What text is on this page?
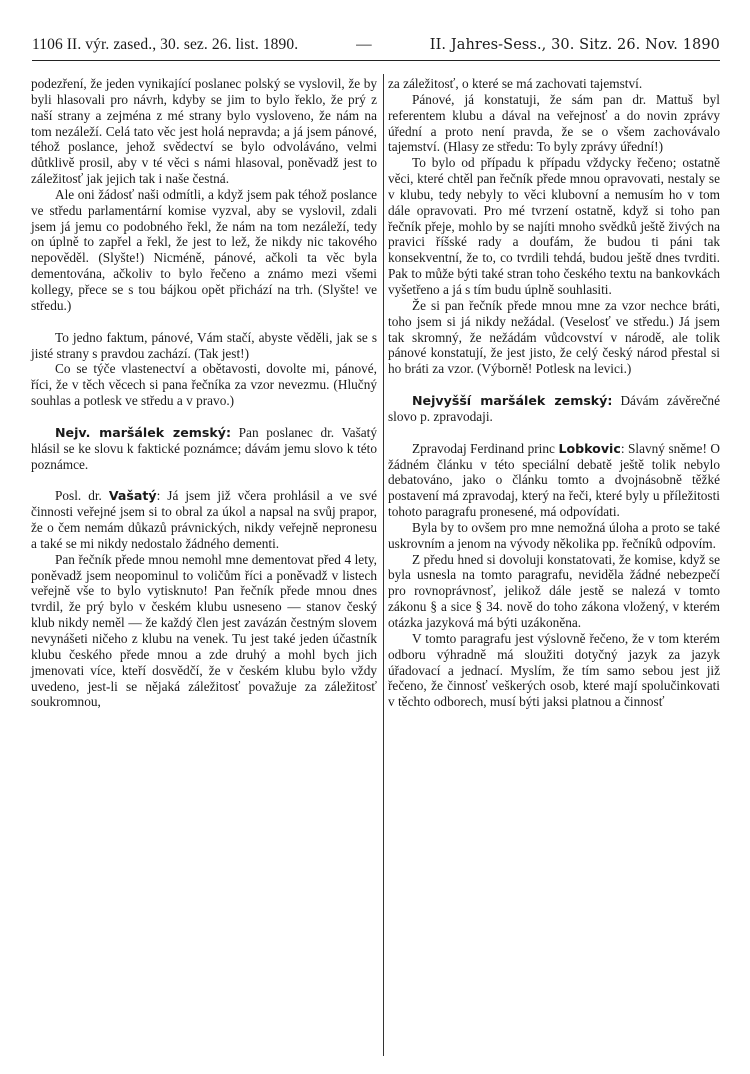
1106 II. výr. zased., 30. sez. 26. list. 1890.	—	II. Jahres-Sess., 30. Sitz. 26. Nov. 1890

podezření, že jeden vynikající poslanec polský se vyslovil, že by byli hlasovali pro návrh, kdyby se jim to bylo řeklo, že prý z naší strany a zejména z mé strany bylo vysloveno, že nám na tom nezáleží. Celá tato věc jest holá nepravda; a já jsem pánové, téhož poslance, jehož svědectví se bylo odvoláváno, velmi důtklivě prosil, aby v té věci s námi hlasoval, poněvadž jest to záležitosť jak jejich tak i naše čestná.

Ale oni žádosť naši odmítli, a když jsem pak téhož poslance ve středu parlamentární komise vyzval, aby se vyslovil, zdali jsem já jemu co podobného řekl, že nám na tom nezáleží, tedy on úplně to zapřel a řekl, že jest to lež, že nikdy nic takového nepověděl. (Slyšte!) Nicméně, pánové, ačkoli ta věc byla dementována, ačkoliv to bylo řečeno a známo mezi všemi kollegy, přece se s tou bájkou opět přichází na trh. (Slyšte! ve středu.)

To jedno faktum, pánové, Vám stačí, abyste věděli, jak se s jisté strany s pravdou zachází. (Tak jest!)

Co se týče vlastenectví a obětavosti, dovolte mi, pánové, říci, že v těch věcech si pana řečníka za vzor nevezmu. (Hlučný souhlas a potlesk ve středu a v pravo.)

Nejv. maršálek zemský: Pan poslanec dr. Vašatý hlásil se ke slovu k faktické poznámce; dávám jemu slovo k této poznámce.

Posl. dr. Vašatý: Já jsem již včera prohlásil a ve své činnosti veřejné jsem si to obral za úkol a napsal na svůj prapor, že o čem nemám důkazů právnických, nikdy veřejně nepronesu a také se mi nikdy nedostalo žádného dementi.

Pan řečník předе mnou nemohl mne dementovat před 4 lety, poněvadž jsem neopominul to voličům říci a poněvadž v listech veřejně vše to bylo vytisknuto! Pan řečník přede mnou dnes tvrdil, že prý bylo v českém klubu usneseno — stanov český klub nikdy neměl — že každý člen jest zavázán čestným slovem nevynášeti ničeho z klubu na venek. Tu jest také jeden účastník klubu českého přede mnou a zde druhý a mohl bych jich jmenovati více, kteří dosvědčí, že v českém klubu bylo vždy uvedeno, jest-li se nějaká záležitosť považuje za záležitosť soukromnou,

za záležitosť, o které se má zachovati tajemství.

Pánové, já konstatuji, že sám pan dr. Mattuš byl referentem klubu a dával na veřejnosť a do novin zprávy úřední a proto není pravda, že se o všem zachovávalo tajemství. (Hlasy ze středu: To byly zprávy úřední!)

To bylo od případu k případu vždycky řečeno; ostatně věci, které chtěl pan řečník přede mnou opravovati, nestaly se v klubu, tedy nebyly to věci klubovní a nemusím ho v tom dále opravovati. Pro mé tvrzení ostatně, když si toho pan řečník přeje, mohlo by se najíti mnoho svědků ještě živých na pravici říšské rady a doufám, že budou ti páni tak konsekventní, že to, co tvrdili tehdá, budou ještě dnes tvrditi. Pak to může býti také stran toho českého textu na bankovkách vyšetřeno a já s tím budu úplně souhlasiti.

Že si pan řečník přede mnou mne za vzor nechce bráti, toho jsem si já nikdy nežádal. (Veselosť ve středu.) Já jsem tak skromný, že nežádám vůdcovství v národě, ale tolik pánové konstatují, že jest jisto, že celý český národ přestal si ho bráti za vzor. (Výborně! Potlesk na levici.)

Nejvyšší maršálek zemský: Dávám závěrečné slovo p. zpravodaji.

Zpravodaj Ferdinand princ Lobkovic: Slavný sněme! O žádném článku v této speciální debatě ještě tolik nebylo debatováno, jako o článku tomto a dvojnásobně těžké postavení má zpravodaj, který na řeči, které byly u příležitosti tohoto paragrafu pronesené, má odpovídati.

Byla by to ovšem pro mne nemožná úloha a proto se také uskrovním a jenom na vývody několika pp. řečníků odpovím.

Z předu hned si dovoluji konstatovati, že komise, když se byla usnesla na tomto paragrafu, neviděla žádné nebezpečí pro rovnoprávnosť, jelikož dále jestě se nalezá v tomto zákonu § a sice § 34. nově do toho zákona vložený, v kterém otázka jazyková má býti uzákoněna.

V tomto paragrafu jest výslovně řečeno, že v tom kterém odboru výhradně má sloužiti dotyčný jazyk za jazyk úřadovací a jednací. Myslím, že tím samo sebou jest již řečeno, že činnosť veškerých osob, které mají spolučinkovati v těchto odborech, musí býti jaksi platnou a činnosť
